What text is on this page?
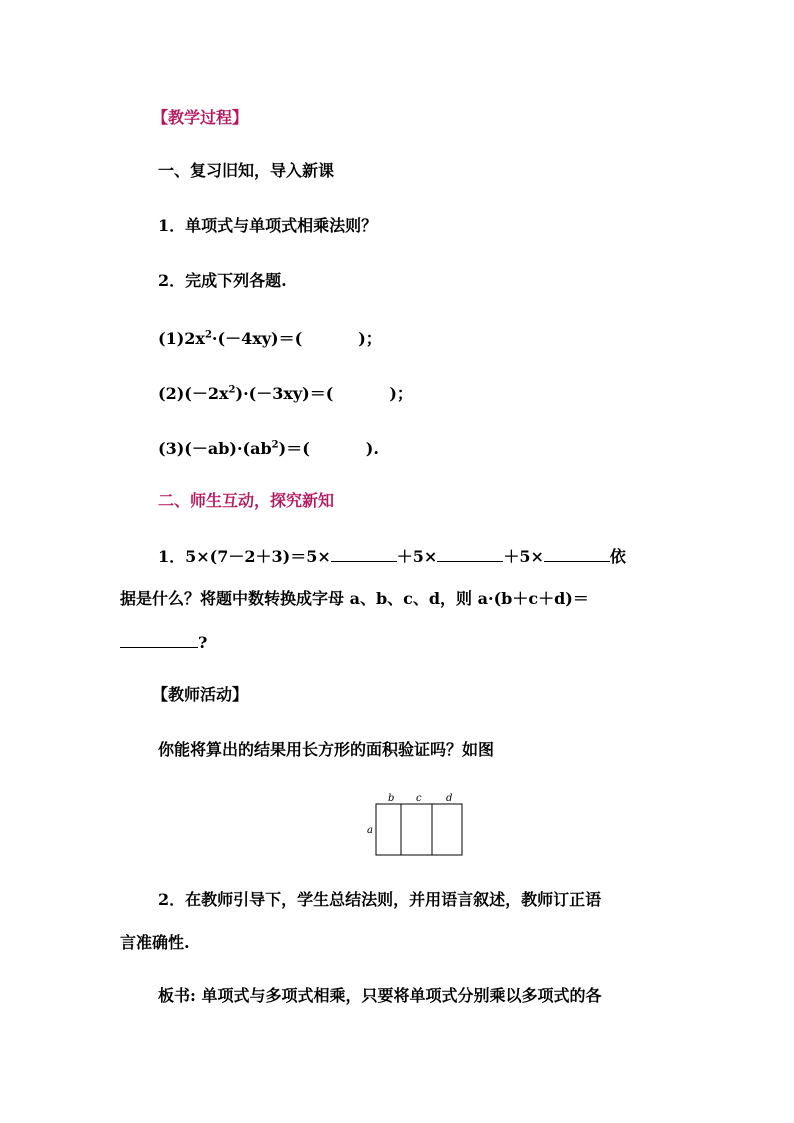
【教学过程】
一、复习旧知，导入新课
1．单项式与单项式相乘法则？
2．完成下列各题.
$(1)2x^2\cdot(-4xy)=$(	)；
$(2)(-2x^2)\cdot(-3xy)=$(	)；
$(3)(-ab)\cdot(ab^2)=$(	).
二、师生互动，探究新知
1．5×(7－2＋3)＝5×	＋5×	＋5×	依
据是什么？将题中数转换成字母 a、b、c、d，则 a·(b＋c＋d)＝
?
【教师活动】
你能将算出的结果用长方形的面积验证吗？如图
a
b c d
2．在教师引导下，学生总结法则，并用语言叙述，教师订正语
言准确性.
板书: 单项式与多项式相乘，只要将单项式分别乘以多项式的各
